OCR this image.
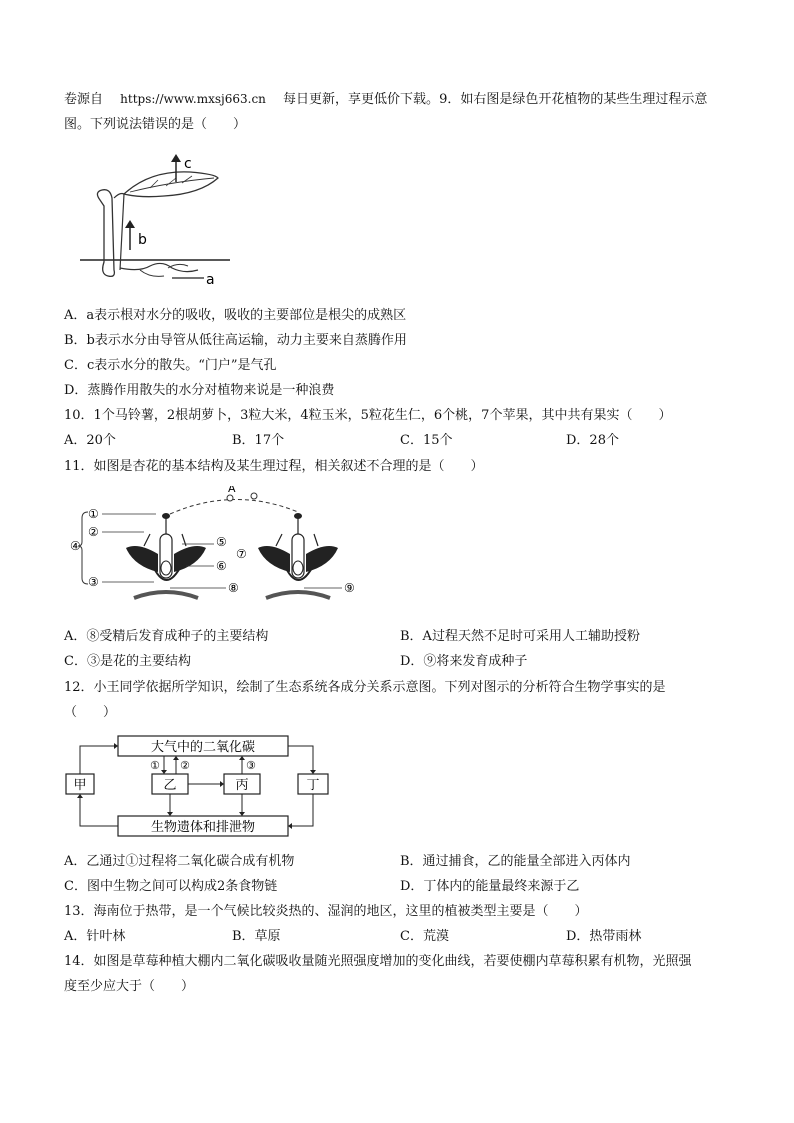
卷源自  https://www.mxsj663.cn  每日更新，享更低价下载。9．如右图是绿色开花植物的某些生理过程示意
图。下列说法错误的是（　　）
a
b
c
A．a表示根对水分的吸收，吸收的主要部位是根尖的成熟区
B．b表示水分由导管从低往高运输，动力主要来自蒸腾作用
C．c表示水分的散失。“门户”是气孔
D．蒸腾作用散失的水分对植物来说是一种浪费
10．1个马铃薯，2根胡萝卜，3粒大米，4粒玉米，5粒花生仁，6个桃，7个苹果，其中共有果实（　　）
A．20个	B．17个	C．15个	D．28个
11．如图是杏花的基本结构及某生理过程，相关叙述不合理的是（　　）
④
①
②
③
⑤
⑦
⑥
⑧
A
⑨
A．⑧受精后发育成种子的主要结构	B．A过程天然不足时可采用人工辅助授粉
C．③是花的主要结构	D．⑨将来发育成种子
12．小王同学依据所学知识，绘制了生态系统各成分关系示意图。下列对图示的分析符合生物学事实的是
（　　）
大气中的二氧化碳
生物遗体和排泄物
甲	乙	丙	丁
① ②	③
A．乙通过①过程将二氧化碳合成有机物	B．通过捕食，乙的能量全部进入丙体内
C．图中生物之间可以构成2条食物链	D．丁体内的能量最终来源于乙
13．海南位于热带，是一个气候比较炎热的、湿润的地区，这里的植被类型主要是（　　）
A．针叶林	B．草原	C．荒漠	D．热带雨林
14．如图是草莓种植大棚内二氧化碳吸收量随光照强度增加的变化曲线，若要使棚内草莓积累有机物，光照强
度至少应大于（　　）
